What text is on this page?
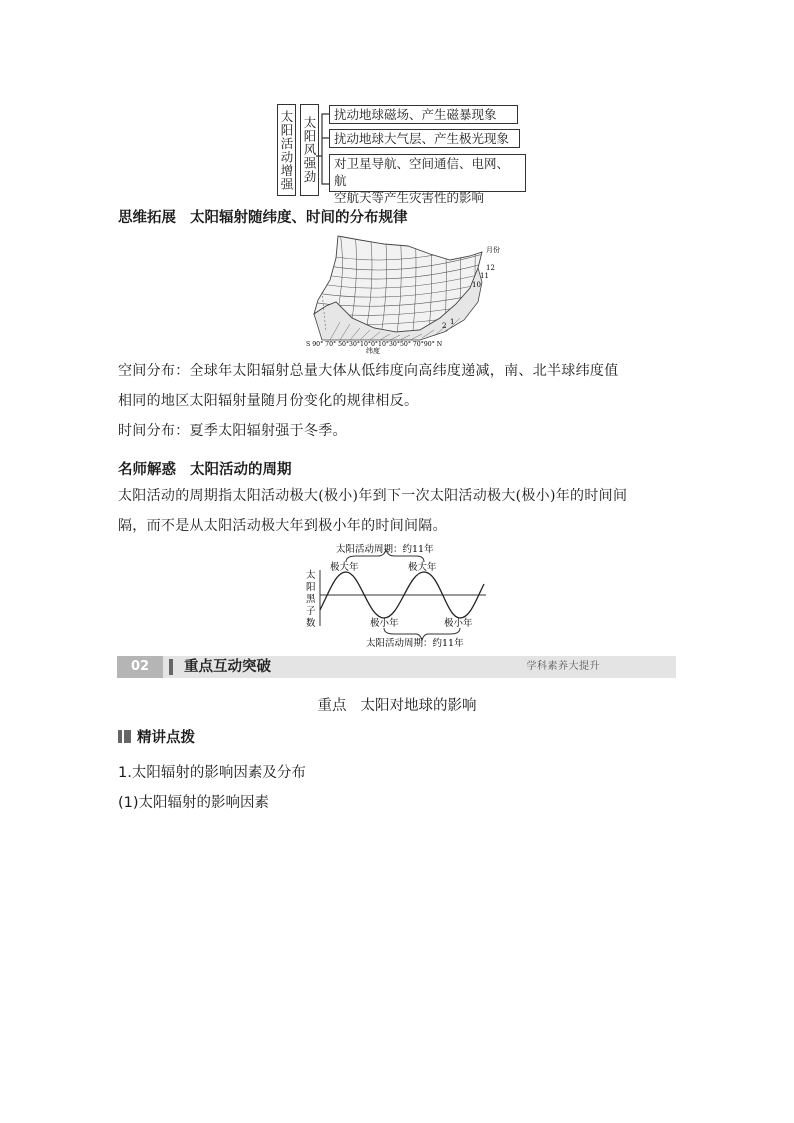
太阳活动增强 太阳风强劲
扰动地球磁场、产生磁暴现象
扰动地球大气层、产生极光现象
对卫星导航、空间通信、电网、航
空航天等产生灾害性的影响
思维拓展 太阳辐射随纬度、时间的分布规律
月份
12
11
10
2 1
S 90° 70° 50°30°10°0°10°30°50° 70°90° N
纬度
空间分布：全球年太阳辐射总量大体从低纬度向高纬度递减，南、北半球纬度值
相同的地区太阳辐射量随月份变化的规律相反。
时间分布：夏季太阳辐射强于冬季。
名师解惑 太阳活动的周期
太阳活动的周期指太阳活动极大(极小)年到下一次太阳活动极大(极小)年的时间间
隔，而不是从太阳活动极大年到极小年的时间间隔。
太阳活动周期：约11年
太
阳
黑
子
数
极大年	极大年
极小年	极小年
太阳活动周期：约11年
02	重点互动突破	学科素养大提升
重点 太阳对地球的影响
精讲点拨
1.太阳辐射的影响因素及分布
(1)太阳辐射的影响因素
